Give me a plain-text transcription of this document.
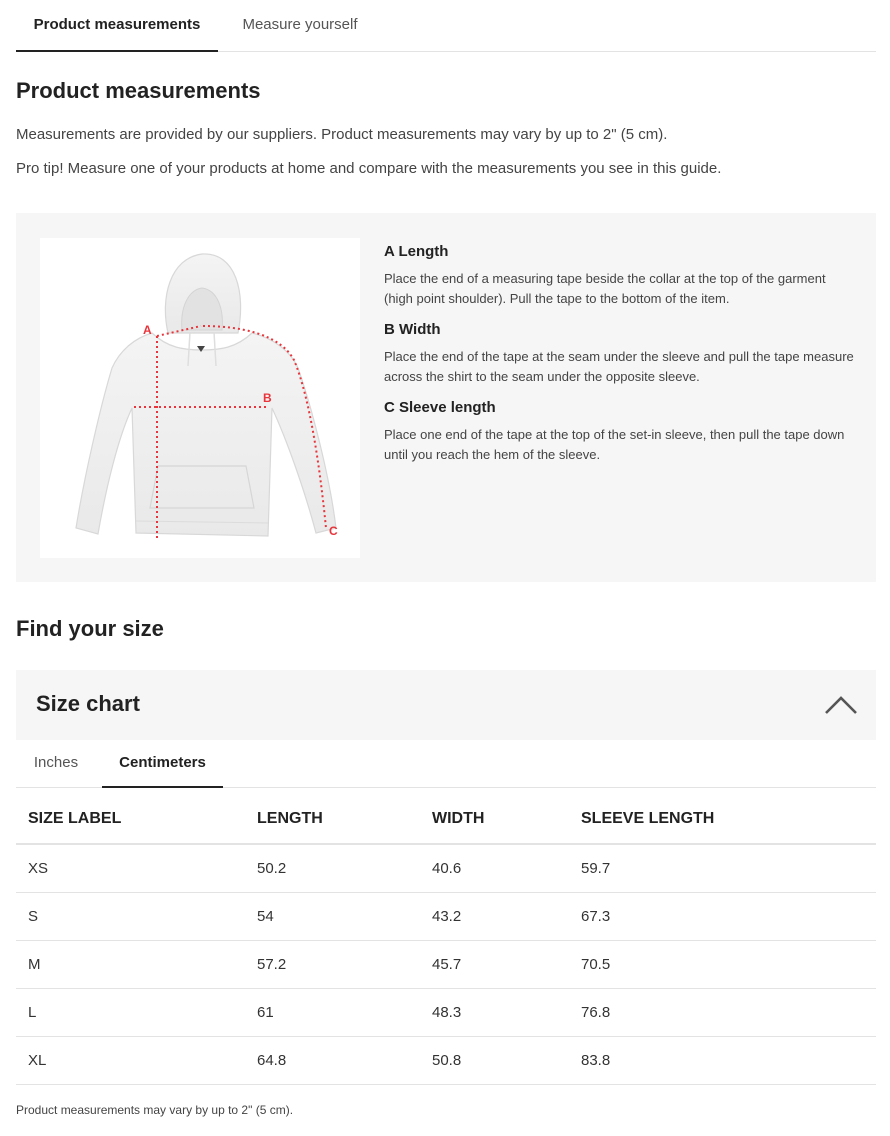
Product measurements	Measure yourself
Product measurements

Measurements are provided by our suppliers. Product measurements may vary by up to 2" (5 cm).

Pro tip! Measure one of your products at home and compare with the measurements you see in this guide.

A
B
C
A Length
Place the end of a measuring tape beside the collar at the top of the garment (high point shoulder). Pull the tape to the bottom of the item.
B Width
Place the end of the tape at the seam under the sleeve and pull the tape measure across the shirt to the seam under the opposite sleeve.
C Sleeve length
Place one end of the tape at the top of the set-in sleeve, then pull the tape down until you reach the hem of the sleeve.
Find your size
Size chart
Inches	Centimeters
SIZE LABEL	LENGTH	WIDTH	SLEEVE LENGTH
XS	50.2	40.6	59.7
S	54	43.2	67.3
M	57.2	45.7	70.5
L	61	48.3	76.8
XL	64.8	50.8	83.8

Product measurements may vary by up to 2" (5 cm).
